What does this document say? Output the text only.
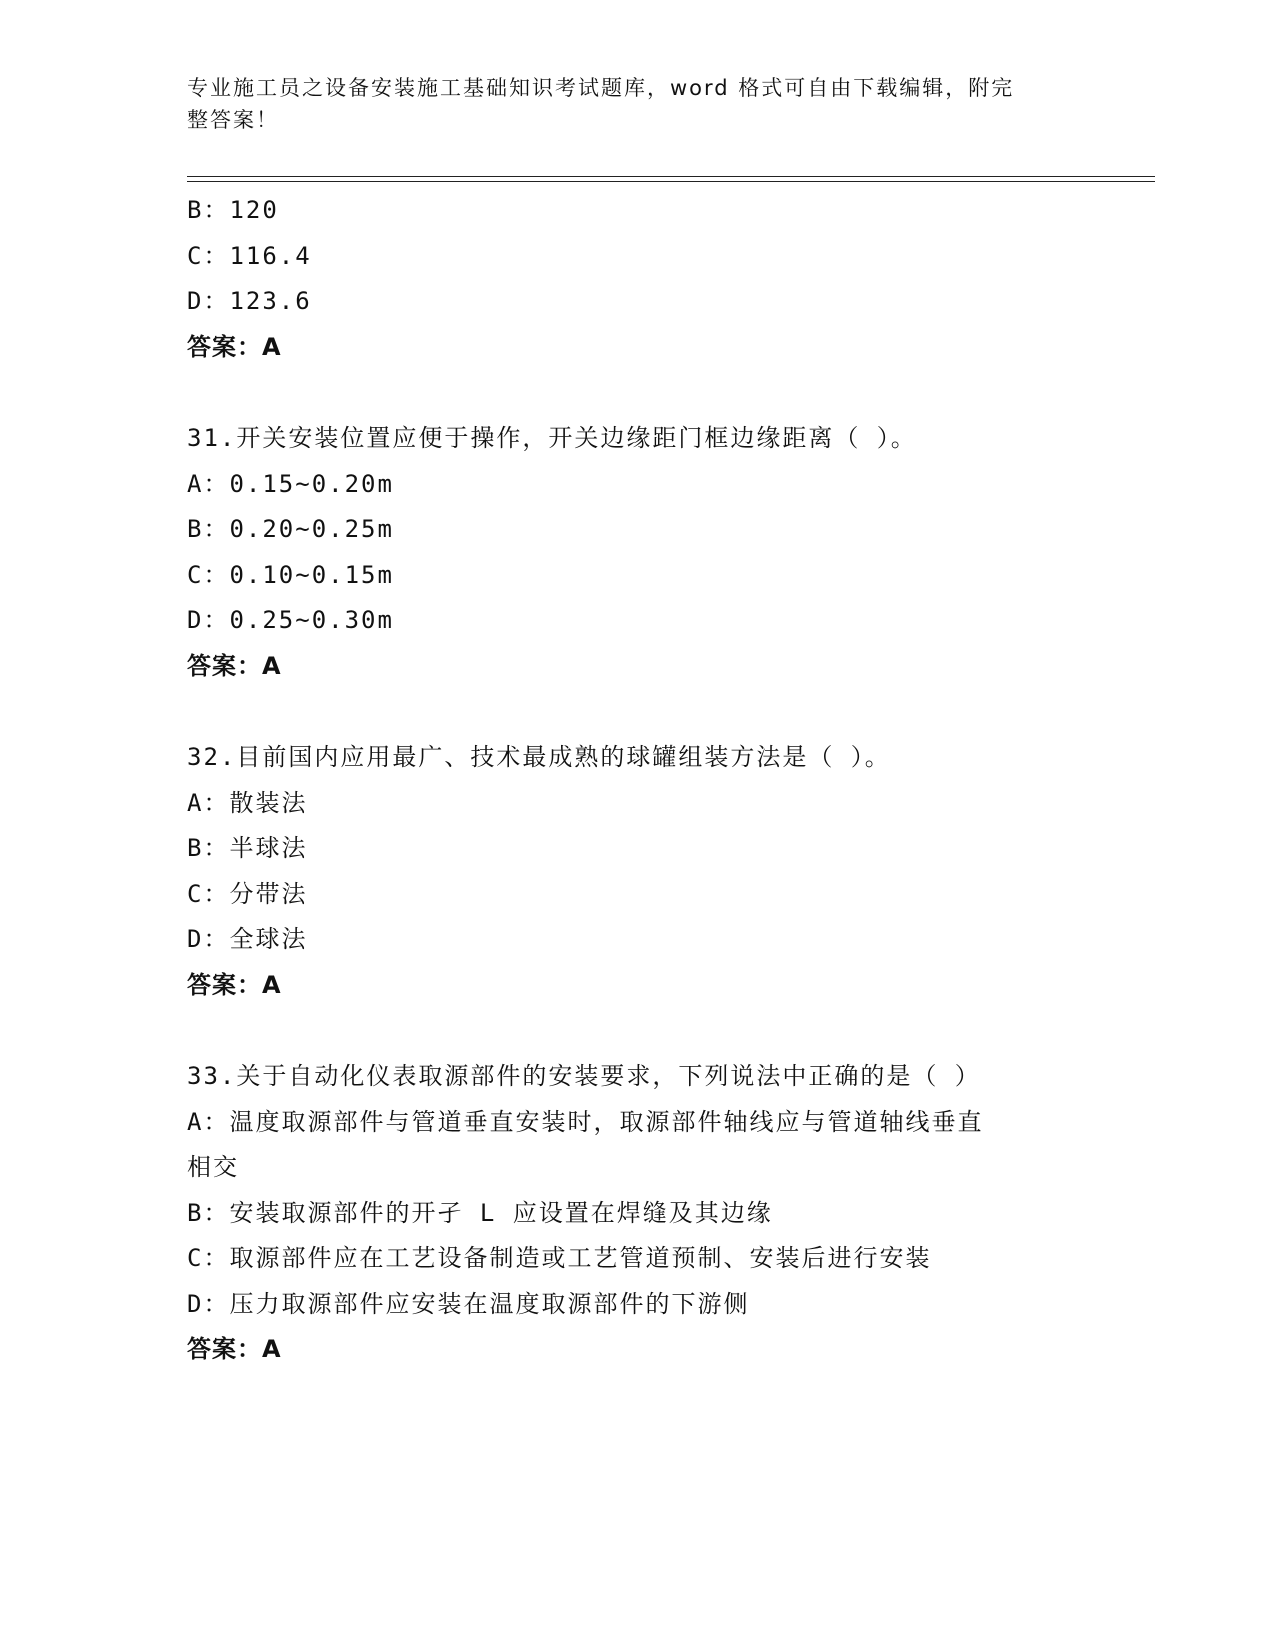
专业施工员之设备安装施工基础知识考试题库，word 格式可自由下载编辑，附完
整答案！
B：120
C：116.4
D：123.6
答案：A
31.开关安装位置应便于操作，开关边缘距门框边缘距离（ ）。
A：0.15~0.20m
B：0.20~0.25m
C：0.10~0.15m
D：0.25~0.30m
答案：A
32.目前国内应用最广、技术最成熟的球罐组装方法是（ ）。
A：散装法
B：半球法
C：分带法
D：全球法
答案：A
33.关于自动化仪表取源部件的安装要求，下列说法中正确的是（ ）
A：温度取源部件与管道垂直安装时，取源部件轴线应与管道轴线垂直
相交
B：安装取源部件的开孑 L 应设置在焊缝及其边缘
C：取源部件应在工艺设备制造或工艺管道预制、安装后进行安装
D：压力取源部件应安装在温度取源部件的下游侧
答案：A
